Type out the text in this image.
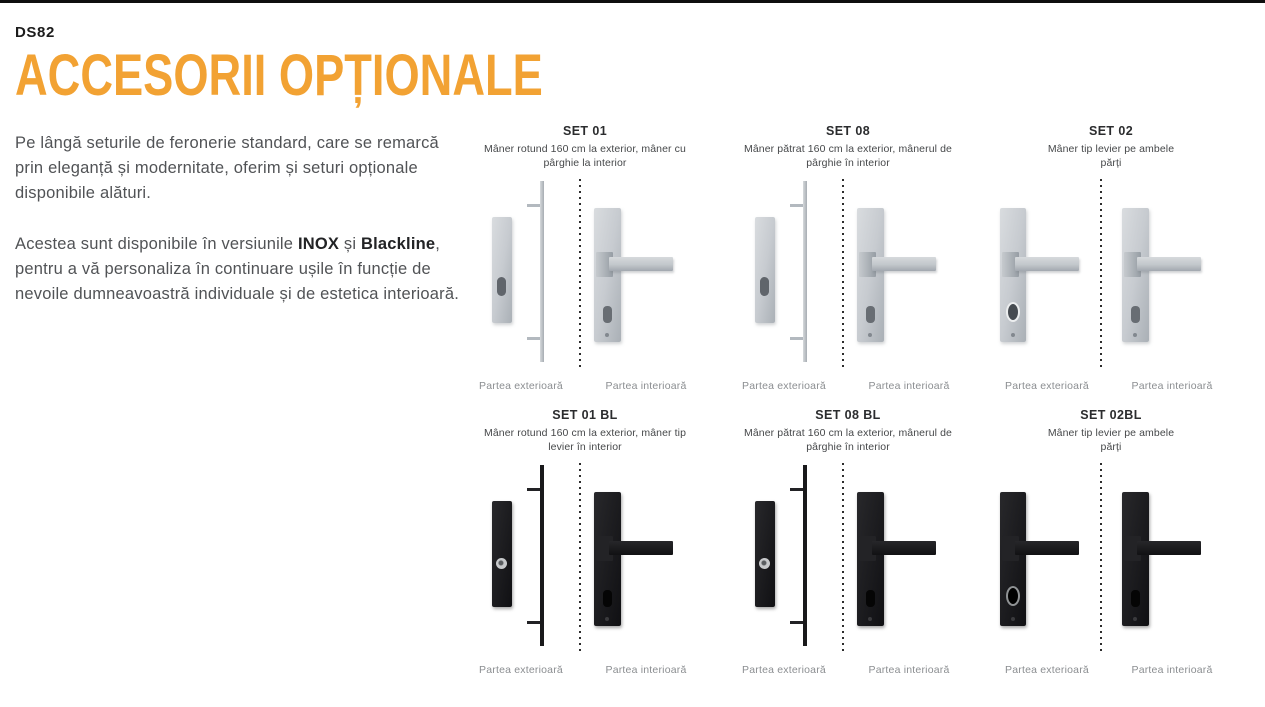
DS82
ACCESORII OPȚIONALE

Pe lângă seturile de feronerie standard, care se remarcă prin eleganță și modernitate, oferim și seturi opționale disponibile alături.

Acestea sunt disponibile în versiunile INOX și Blackline, pentru a vă personaliza în continuare ușile în funcție de nevoile dumneavoastră individuale și de estetica interioară.

SET 01

Mâner rotund 160 cm la exterior, mâner cu pârghie la interior

Partea exterioară	Partea interioară
SET 08

Mâner pătrat 160 cm la exterior, mânerul de pârghie în interior

Partea exterioară	Partea interioară
SET 02

Mâner tip levier pe ambele părți

Partea exterioară	Partea interioară
SET 01 BL

Mâner rotund 160 cm la exterior, mâner tip levier în interior

Partea exterioară	Partea interioară
SET 08 BL

Mâner pătrat 160 cm la exterior, mânerul de pârghie în interior

Partea exterioară	Partea interioară
SET 02BL

Mâner tip levier pe ambele părți

Partea exterioară	Partea interioară
